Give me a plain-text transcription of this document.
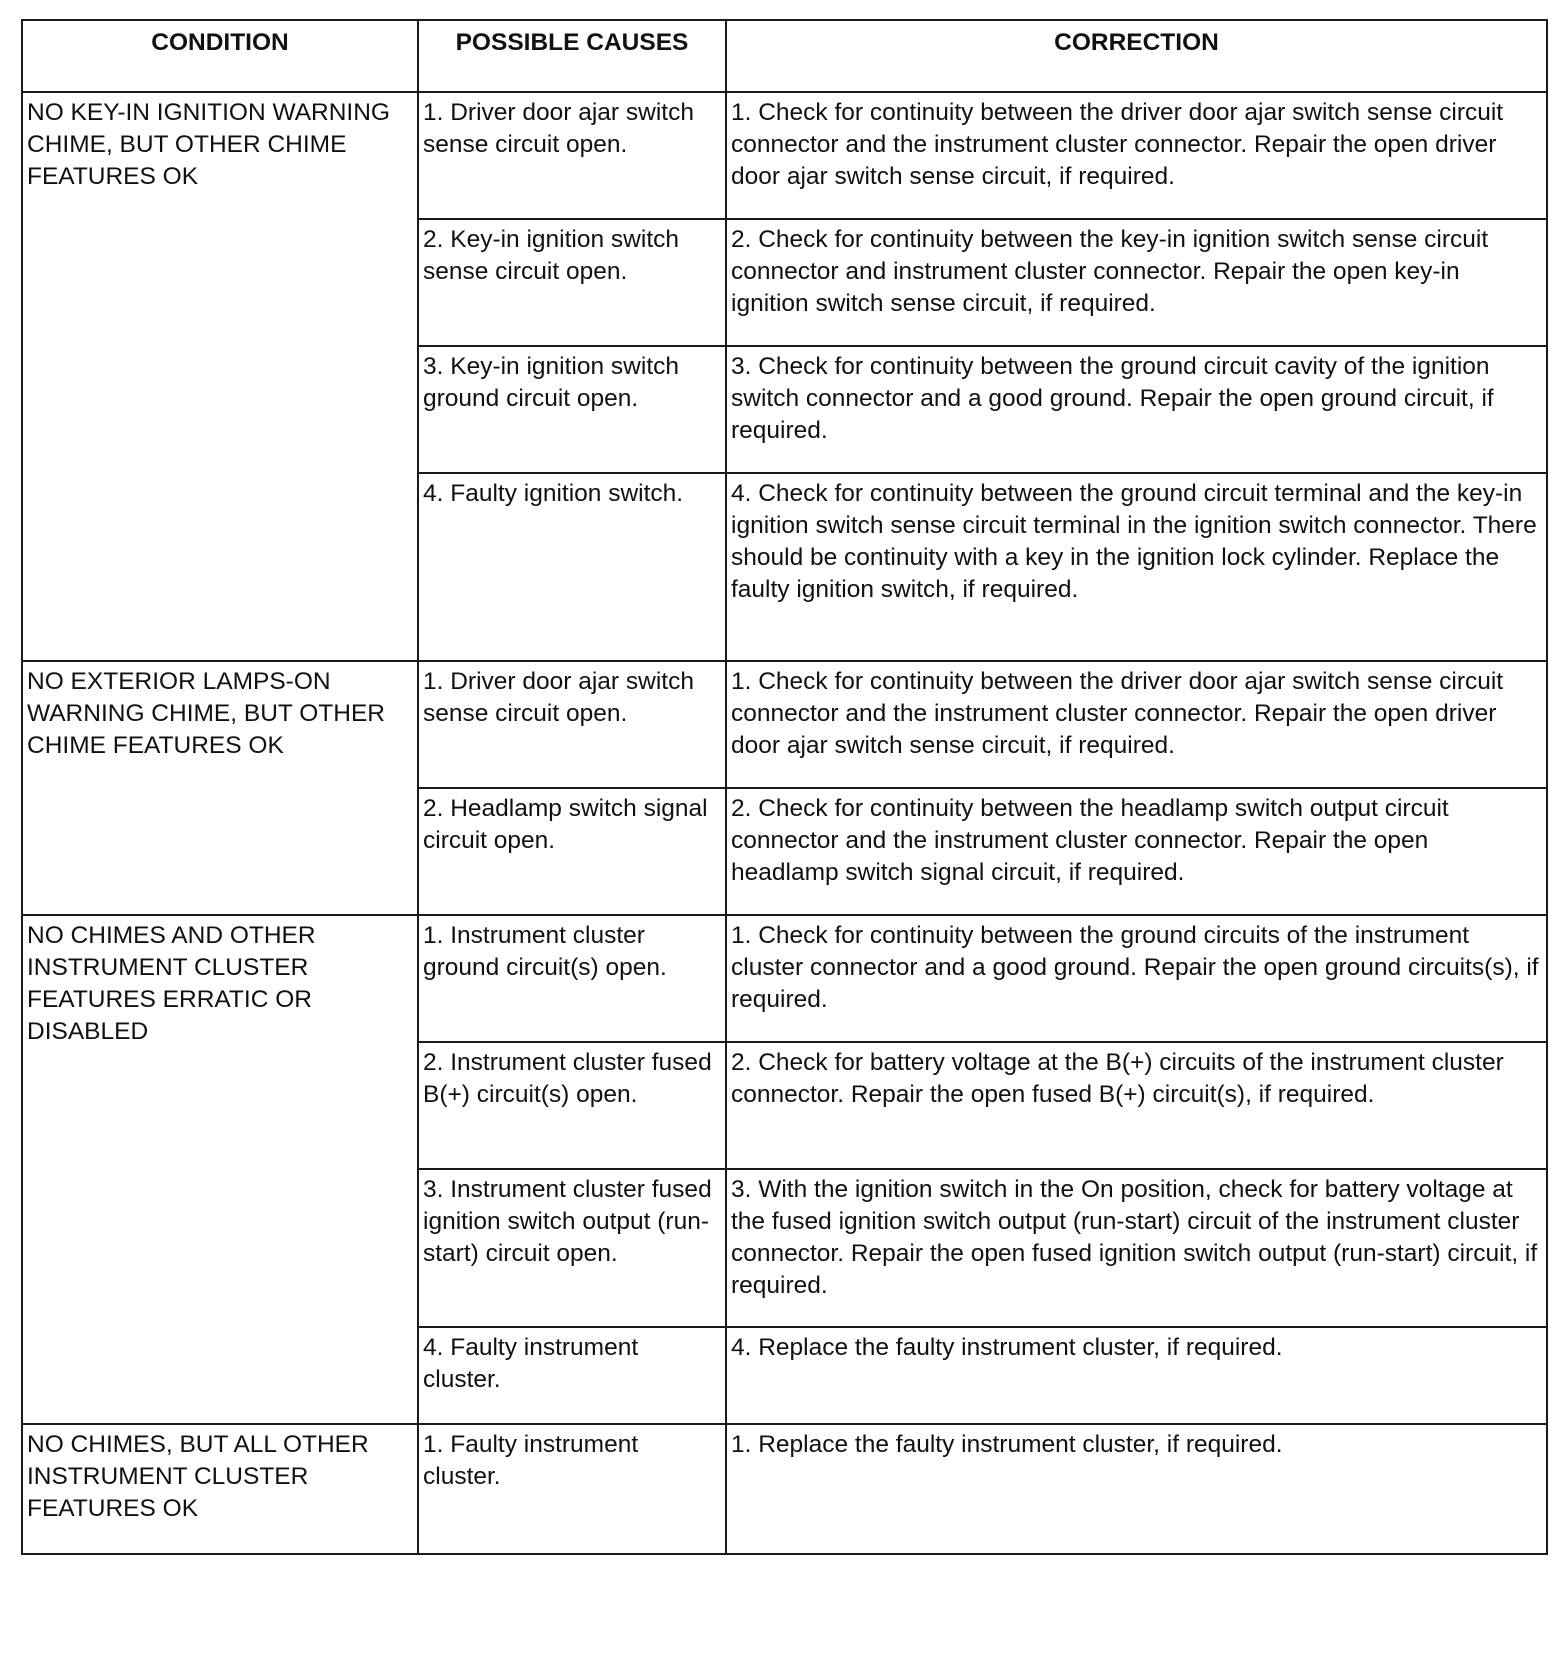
CONDITION	POSSIBLE CAUSES	CORRECTION
NO KEY-IN IGNITION WARNING CHIME, BUT OTHER CHIME FEATURES OK	1. Driver door ajar switch sense circuit open.	1. Check for continuity between the driver door ajar switch sense circuit connector and the instrument cluster connector. Repair the open driver door ajar switch sense circuit, if required.
	2. Key-in ignition switch sense circuit open.	2. Check for continuity between the key-in ignition switch sense circuit connector and instrument cluster connector. Repair the open key-in ignition switch sense circuit, if required.
	3. Key-in ignition switch ground circuit open.	3. Check for continuity between the ground circuit cavity of the ignition switch connector and a good ground. Repair the open ground circuit, if required.
	4. Faulty ignition switch.	4. Check for continuity between the ground circuit terminal and the key-in ignition switch sense circuit terminal in the ignition switch connector. There should be continuity with a key in the ignition lock cylinder. Replace the faulty ignition switch, if required.
NO EXTERIOR LAMPS-ON WARNING CHIME, BUT OTHER CHIME FEATURES OK	1. Driver door ajar switch sense circuit open.	1. Check for continuity between the driver door ajar switch sense circuit connector and the instrument cluster connector. Repair the open driver door ajar switch sense circuit, if required.
	2. Headlamp switch signal circuit open.	2. Check for continuity between the headlamp switch output circuit connector and the instrument cluster connector. Repair the open headlamp switch signal circuit, if required.
NO CHIMES AND OTHER INSTRUMENT CLUSTER FEATURES ERRATIC OR DISABLED	1. Instrument cluster ground circuit(s) open.	1. Check for continuity between the ground circuits of the instrument cluster connector and a good ground. Repair the open ground circuits(s), if required.
	2. Instrument cluster fused B(+) circuit(s) open.	2. Check for battery voltage at the B(+) circuits of the instrument cluster connector. Repair the open fused B(+) circuit(s), if required.
	3. Instrument cluster fused ignition switch output (run-start) circuit open.	3. With the ignition switch in the On position, check for battery voltage at the fused ignition switch output (run-start) circuit of the instrument cluster connector. Repair the open fused ignition switch output (run-start) circuit, if required.
	4. Faulty instrument cluster.	4. Replace the faulty instrument cluster, if required.
NO CHIMES, BUT ALL OTHER INSTRUMENT CLUSTER FEATURES OK	1. Faulty instrument cluster.	1. Replace the faulty instrument cluster, if required.
